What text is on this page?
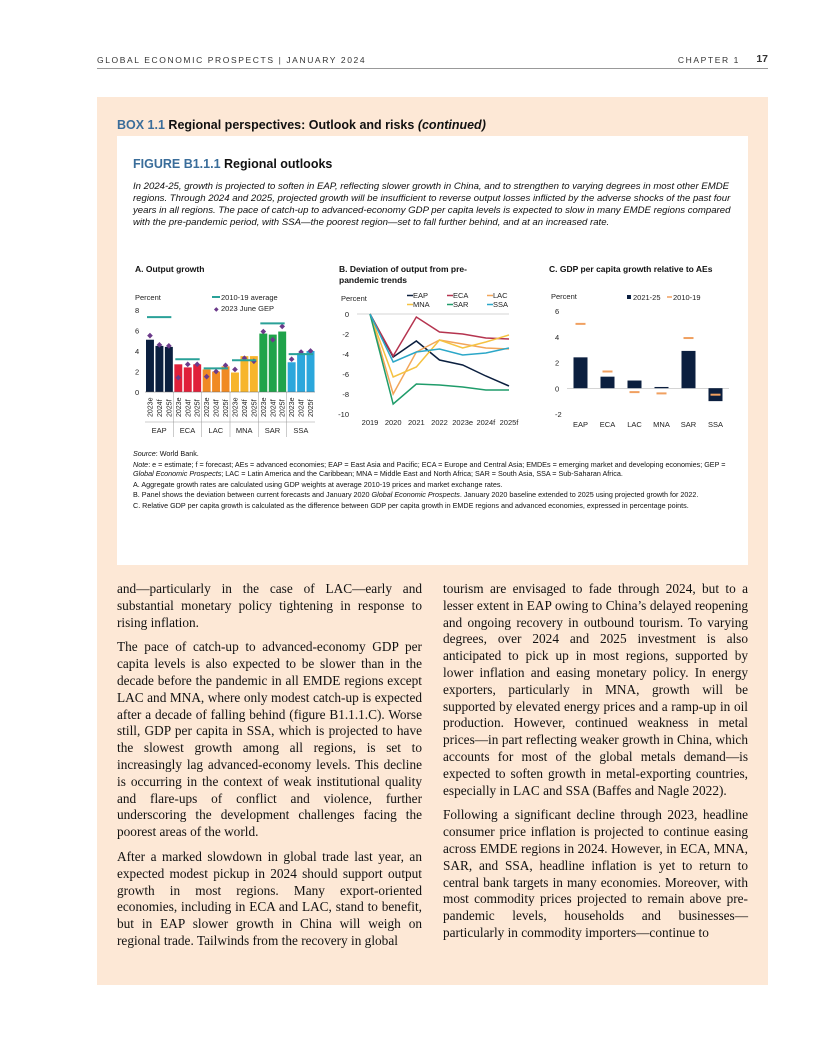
GLOBAL ECONOMIC PROSPECTS | JANUARY 2024	CHAPTER 1 17
BOX 1.1 Regional perspectives: Outlook and risks (continued)
FIGURE B1.1.1 Regional outlooks
In 2024-25, growth is projected to soften in EAP, reflecting slower growth in China, and to strengthen to varying degrees in most other EMDE regions. Through 2024 and 2025, projected growth will be insufficient to reverse output losses inflicted by the adverse shocks of the past four years in all regions. The pace of catch-up to advanced-economy GDP per capita levels is expected to slow in many EMDE regions compared with the pre-pandemic period, with SSA—the poorest region—set to fall further behind, and at an increased rate.
A. Output growth	B. Deviation of output from pre-pandemic trends
C. GDP per capita growth relative to AEs
Percent
0
2
4
6
8
2010-19 average
◆ 2023 June GEP
2023e 2024f 2025f
EAP
2023e 2024f 2025f
ECA
2023e 2024f 2025f
LAC
2023e 2024f 2025f
MNA
2023e 2024f 2025f
SAR
2023e 2024f 2025f
SSA
Percent
0
-2
-4
-6
-8
-10
EAP	ECA	LAC
MNA	SAR	SSA
2019 2020 2021 2022 2023e 2024f 2025f
Percent
6
4
2
0
-2
2021-25 2010-19
EAP ECA LAC MNA SAR SSA

Source: World Bank.

Note: e = estimate; f = forecast; AEs = advanced economies; EAP = East Asia and Pacific; ECA = Europe and Central Asia; EMDEs = emerging market and developing economies; GEP = Global Economic Prospects; LAC = Latin America and the Caribbean; MNA = Middle East and North Africa; SAR = South Asia, SSA = Sub-Saharan Africa.

A. Aggregate growth rates are calculated using GDP weights at average 2010-19 prices and market exchange rates.

B. Panel shows the deviation between current forecasts and January 2020 Global Economic Prospects. January 2020 baseline extended to 2025 using projected growth for 2022.

C. Relative GDP per capita growth is calculated as the difference between GDP per capita growth in EMDE regions and advanced economies, expressed in percentage points.

and—particularly in the case of LAC—early and substantial monetary policy tightening in response to rising inflation.

The pace of catch-up to advanced-economy GDP per capita levels is also expected to be slower than in the decade before the pandemic in all EMDE regions except LAC and MNA, where only modest catch-up is expected after a decade of falling behind (figure B1.1.1.C). Worse still, GDP per capita in SSA, which is projected to have the slowest growth among all regions, is set to increasingly lag advanced-economy levels. This decline is occurring in the context of weak institutional quality and flare-ups of conflict and violence, further underscoring the development challenges facing the poorest areas of the world.

After a marked slowdown in global trade last year, an expected modest pickup in 2024 should support output growth in most regions. Many export-oriented economies, including in ECA and LAC, stand to benefit, but in EAP slower growth in China will weigh on regional trade. Tailwinds from the recovery in global

tourism are envisaged to fade through 2024, but to a lesser extent in EAP owing to China’s delayed reopening and ongoing recovery in outbound tourism. To varying degrees, over 2024 and 2025 investment is also anticipated to pick up in most regions, supported by lower inflation and easing monetary policy. In energy exporters, particularly in MNA, growth will be supported by elevated energy prices and a ramp-up in oil production. However, continued weakness in metal prices—in part reflecting weaker growth in China, which accounts for most of the global metals demand—is expected to soften growth in metal-exporting countries, especially in LAC and SSA (Baffes and Nagle 2022).

Following a significant decline through 2023, headline consumer price inflation is projected to continue easing across EMDE regions in 2024. However, in ECA, MNA, SAR, and SSA, headline inflation is yet to return to central bank targets in many economies. Moreover, with most commodity prices projected to remain above pre-pandemic levels, households and businesses—particularly in commodity importers—continue to
